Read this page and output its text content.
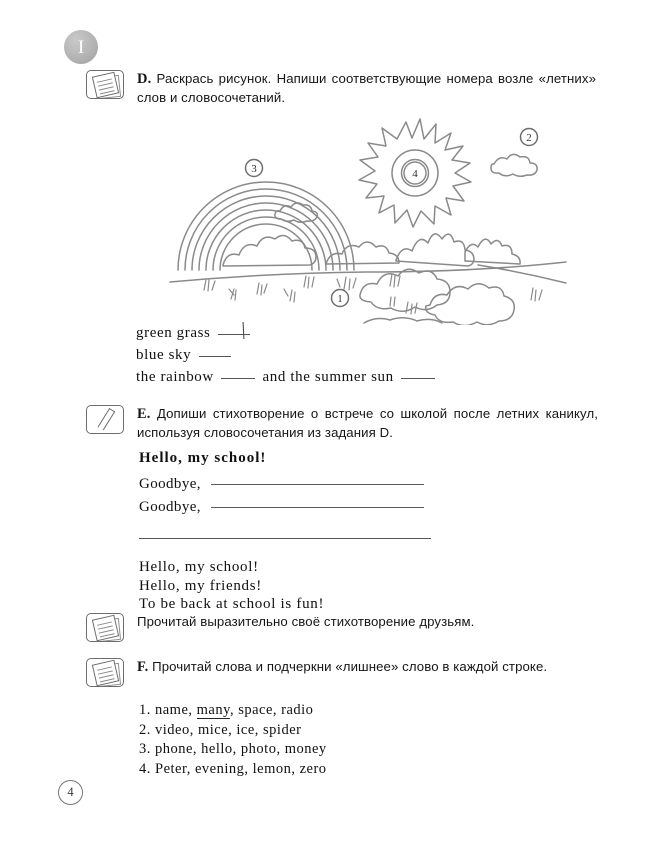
I
D. Раскрась рисунок. Напиши соответствующие номера возле «летних» слов и словосочетаний.
3	4
2
1
green grass
blue sky
the rainbow	and the summer sun
E. Допиши стихотворение о встрече со школой после летних каникул, используя словосочетания из задания D.
Hello, my school!
Goodbye,
Goodbye,
Hello, my school!
Hello, my friends!
To be back at school is fun!
Прочитай выразительно своё стихотворение друзьям.
F. Прочитай слова и подчеркни «лишнее» слово в каждой строке.
1. name, many, space, radio
2. video, mice, ice, spider
3. phone, hello, photo, money
4. Peter, evening, lemon, zero
4
